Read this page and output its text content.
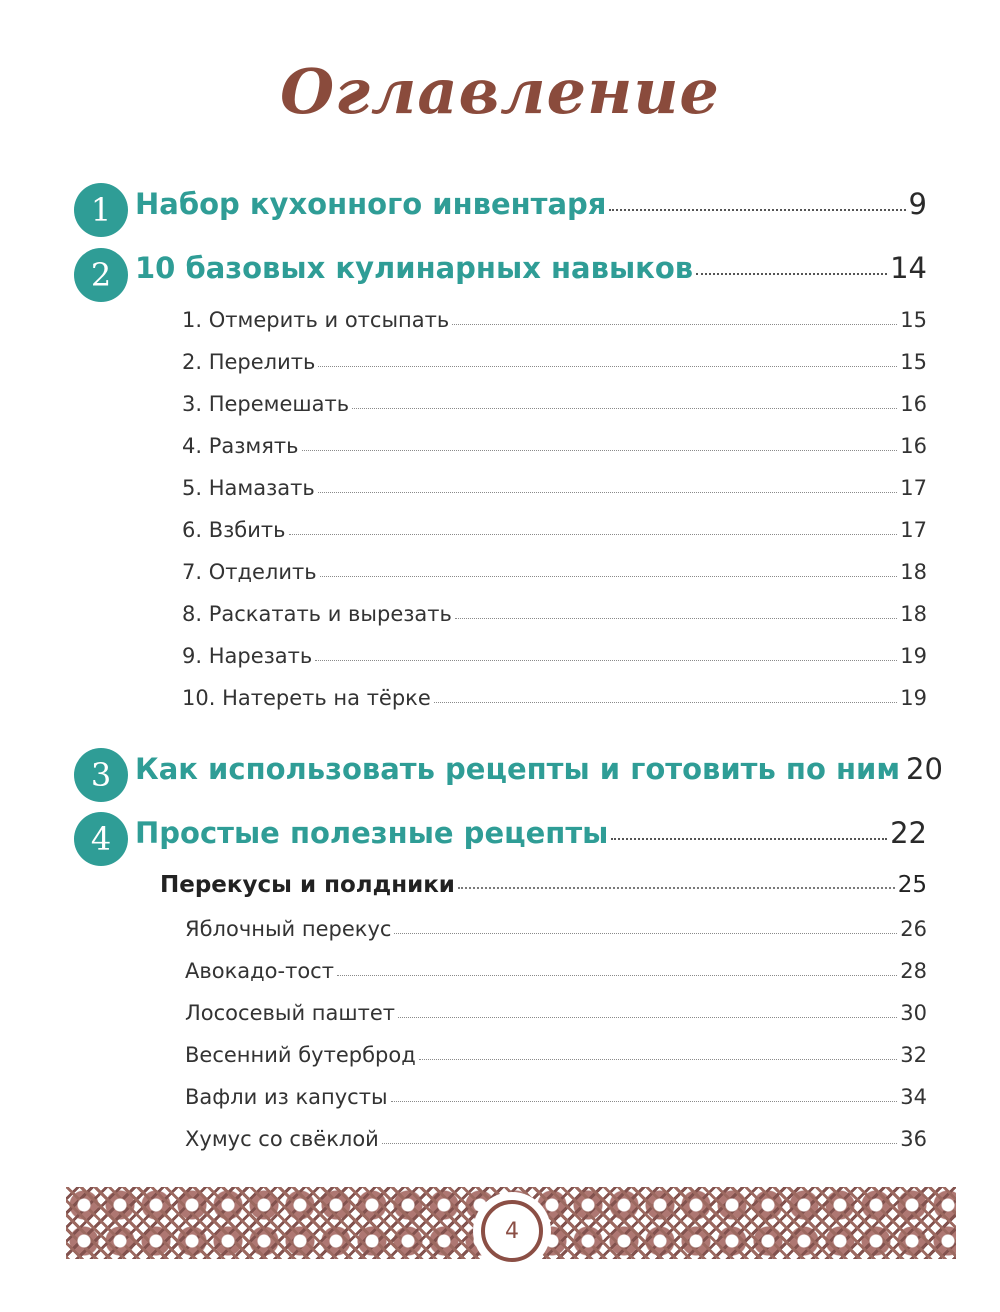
Оглавление
1 Набор кухонного инвентаря	9
2 10 базовых кулинарных навыков	14
1. Отмерить и отсыпать	15
2. Перелить	15
3. Перемешать	16
4. Размять	16
5. Намазать	17
6. Взбить	17
7. Отделить	18
8. Раскатать и вырезать	18
9. Нарезать	19
10. Натереть на тёрке	19
3 Как использовать рецепты и готовить по ним 20
4 Простые полезные рецепты	22
Перекусы и полдники	25
Яблочный перекус	26
Авокадо-тост	28
Лососевый паштет	30
Весенний бутерброд	32
Вафли из капусты	34
Хумус со свёклой	36
4
